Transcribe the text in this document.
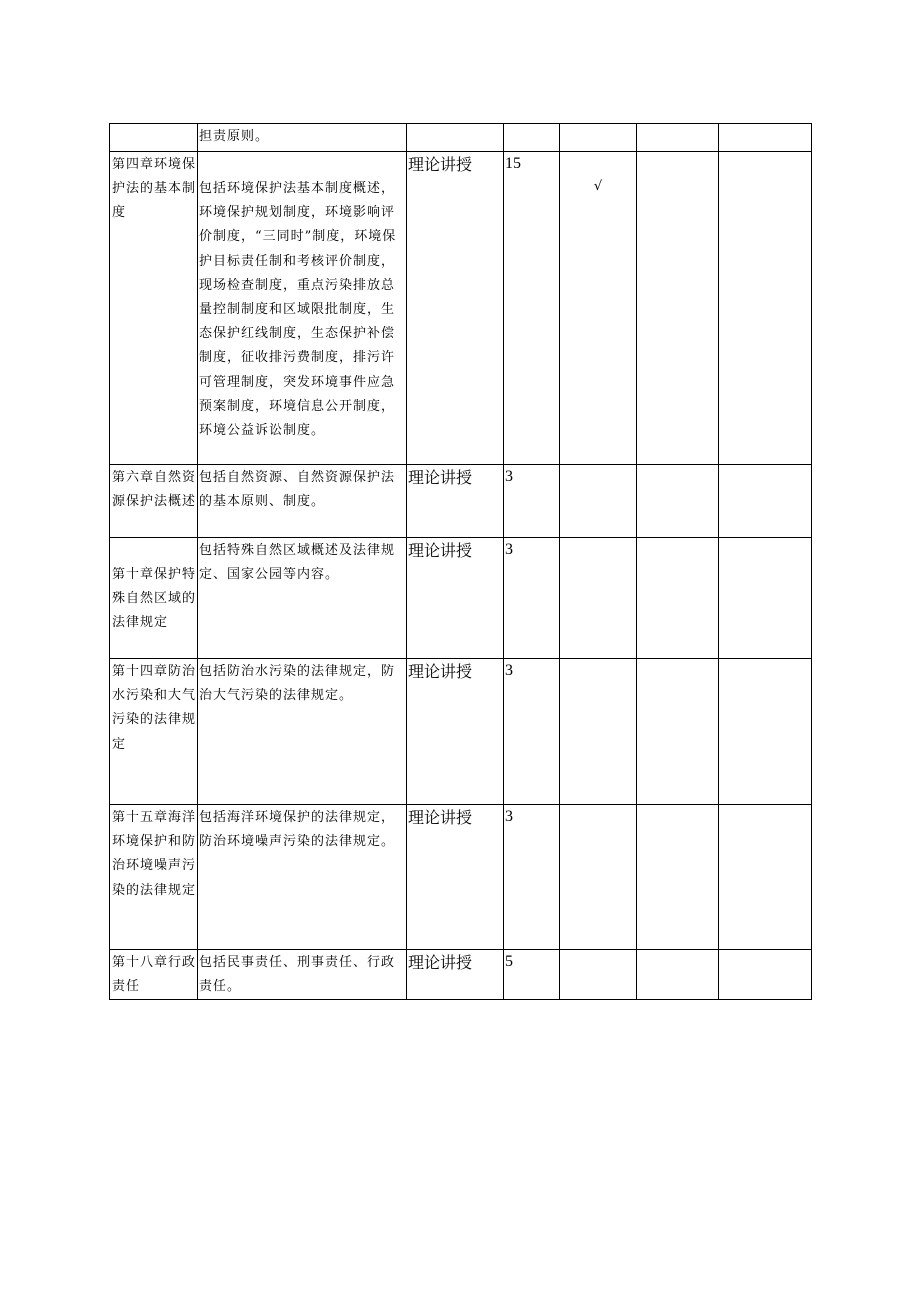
	担责原则。					

第四章环境保护法的基本制度	包括环境保护法基本制度概述，环境保护规划制度，环境影响评价制度，“三同时”制度，环境保护目标责任制和考核评价制度，现场检查制度，重点污染排放总量控制制度和区域限批制度，生态保护红线制度，生态保护补偿制度，征收排污费制度，排污许可管理制度，突发环境事件应急预案制度，环境信息公开制度，环境公益诉讼制度。	理论讲授	15	√		

第六章自然资源保护法概述	包括自然资源、自然资源保护法的基本原则、制度。	理论讲授	3			

第十章保护特殊自然区域的法律规定	包括特殊自然区域概述及法律规定、国家公园等内容。	理论讲授	3			

第十四章防治水污染和大气污染的法律规定	包括防治水污染的法律规定，防治大气污染的法律规定。	理论讲授	3			

第十五章海洋环境保护和防治环境噪声污染的法律规定	包括海洋环境保护的法律规定，防治环境噪声污染的法律规定。	理论讲授	3			

第十八章行政责任	包括民事责任、刑事责任、行政责任。	理论讲授	5			
